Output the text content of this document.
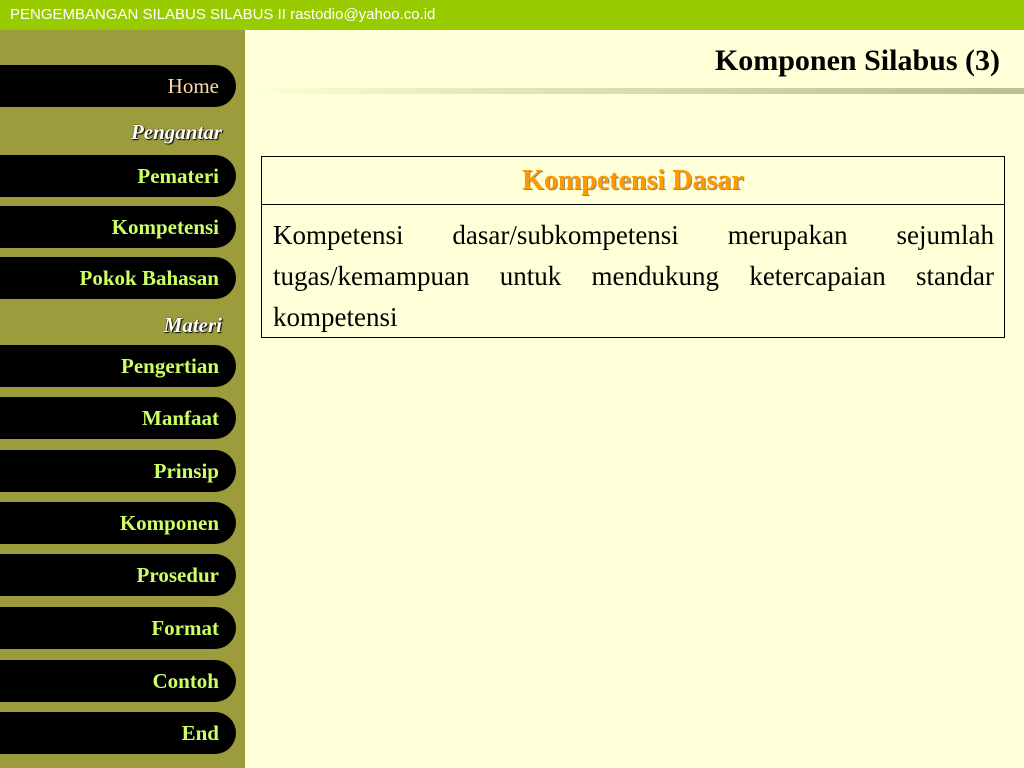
PENGEMBANGAN SILABUS SILABUS II rastodio@yahoo.co.id
Home
Pengantar
Pemateri
Kompetensi
Pokok Bahasan
Materi
Pengertian
Manfaat
Prinsip
Komponen
Prosedur
Format
Contoh
End
Komponen Silabus (3)
Kompetensi Dasar
Kompetensi dasar/subkompetensi merupakan sejumlah tugas/kemampuan untuk mendukung ketercapaian standar kompetensi
